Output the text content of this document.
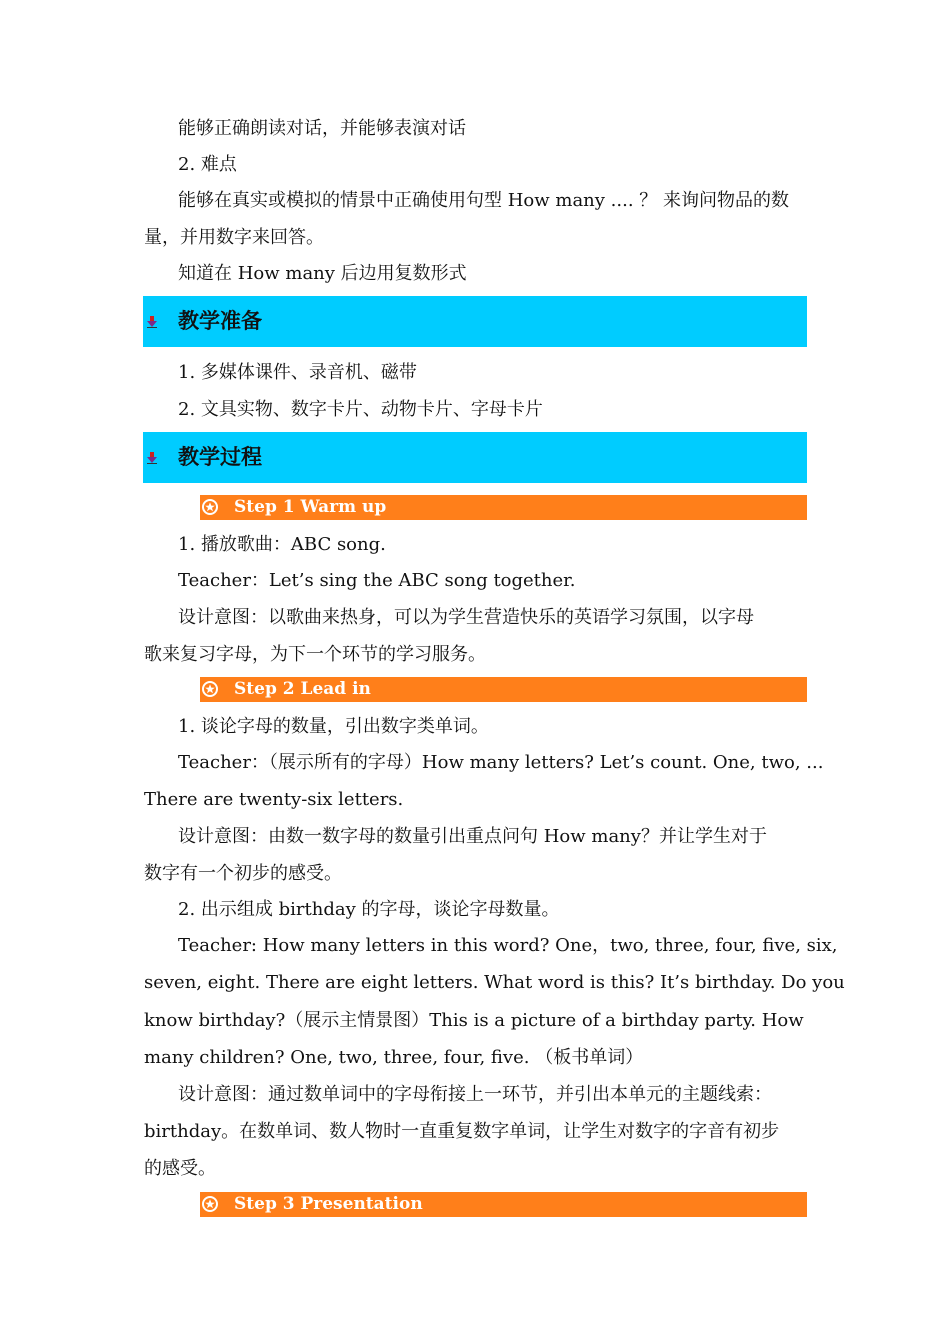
能够正确朗读对话，并能够表演对话
2. 难点
能够在真实或模拟的情景中正确使用句型 How many .... ？ 来询问物品的数
量，并用数字来回答。
知道在 How many 后边用复数形式
教学准备
1. 多媒体课件、录音机、磁带
2. 文具实物、数字卡片、动物卡片、字母卡片
教学过程
Step 1 Warm up
1. 播放歌曲：ABC song.
Teacher：Let’s sing the ABC song together.
设计意图：以歌曲来热身，可以为学生营造快乐的英语学习氛围，以字母
歌来复习字母，为下一个环节的学习服务。
Step 2 Lead in
1. 谈论字母的数量，引出数字类单词。
Teacher：（展示所有的字母）How many letters? Let’s count. One, two, ...
There are twenty-six letters.
设计意图：由数一数字母的数量引出重点问句 How many？并让学生对于
数字有一个初步的感受。
2. 出示组成 birthday 的字母，谈论字母数量。
Teacher: How many letters in this word? One，two, three, four, five, six,
seven, eight. There are eight letters. What word is this? It’s birthday. Do you
know birthday?（展示主情景图）This is a picture of a birthday party. How
many children? One, two, three, four, five. （板书单词）
设计意图：通过数单词中的字母衔接上一环节，并引出本单元的主题线索：
birthday。在数单词、数人物时一直重复数字单词，让学生对数字的字音有初步
的感受。
Step 3 Presentation
